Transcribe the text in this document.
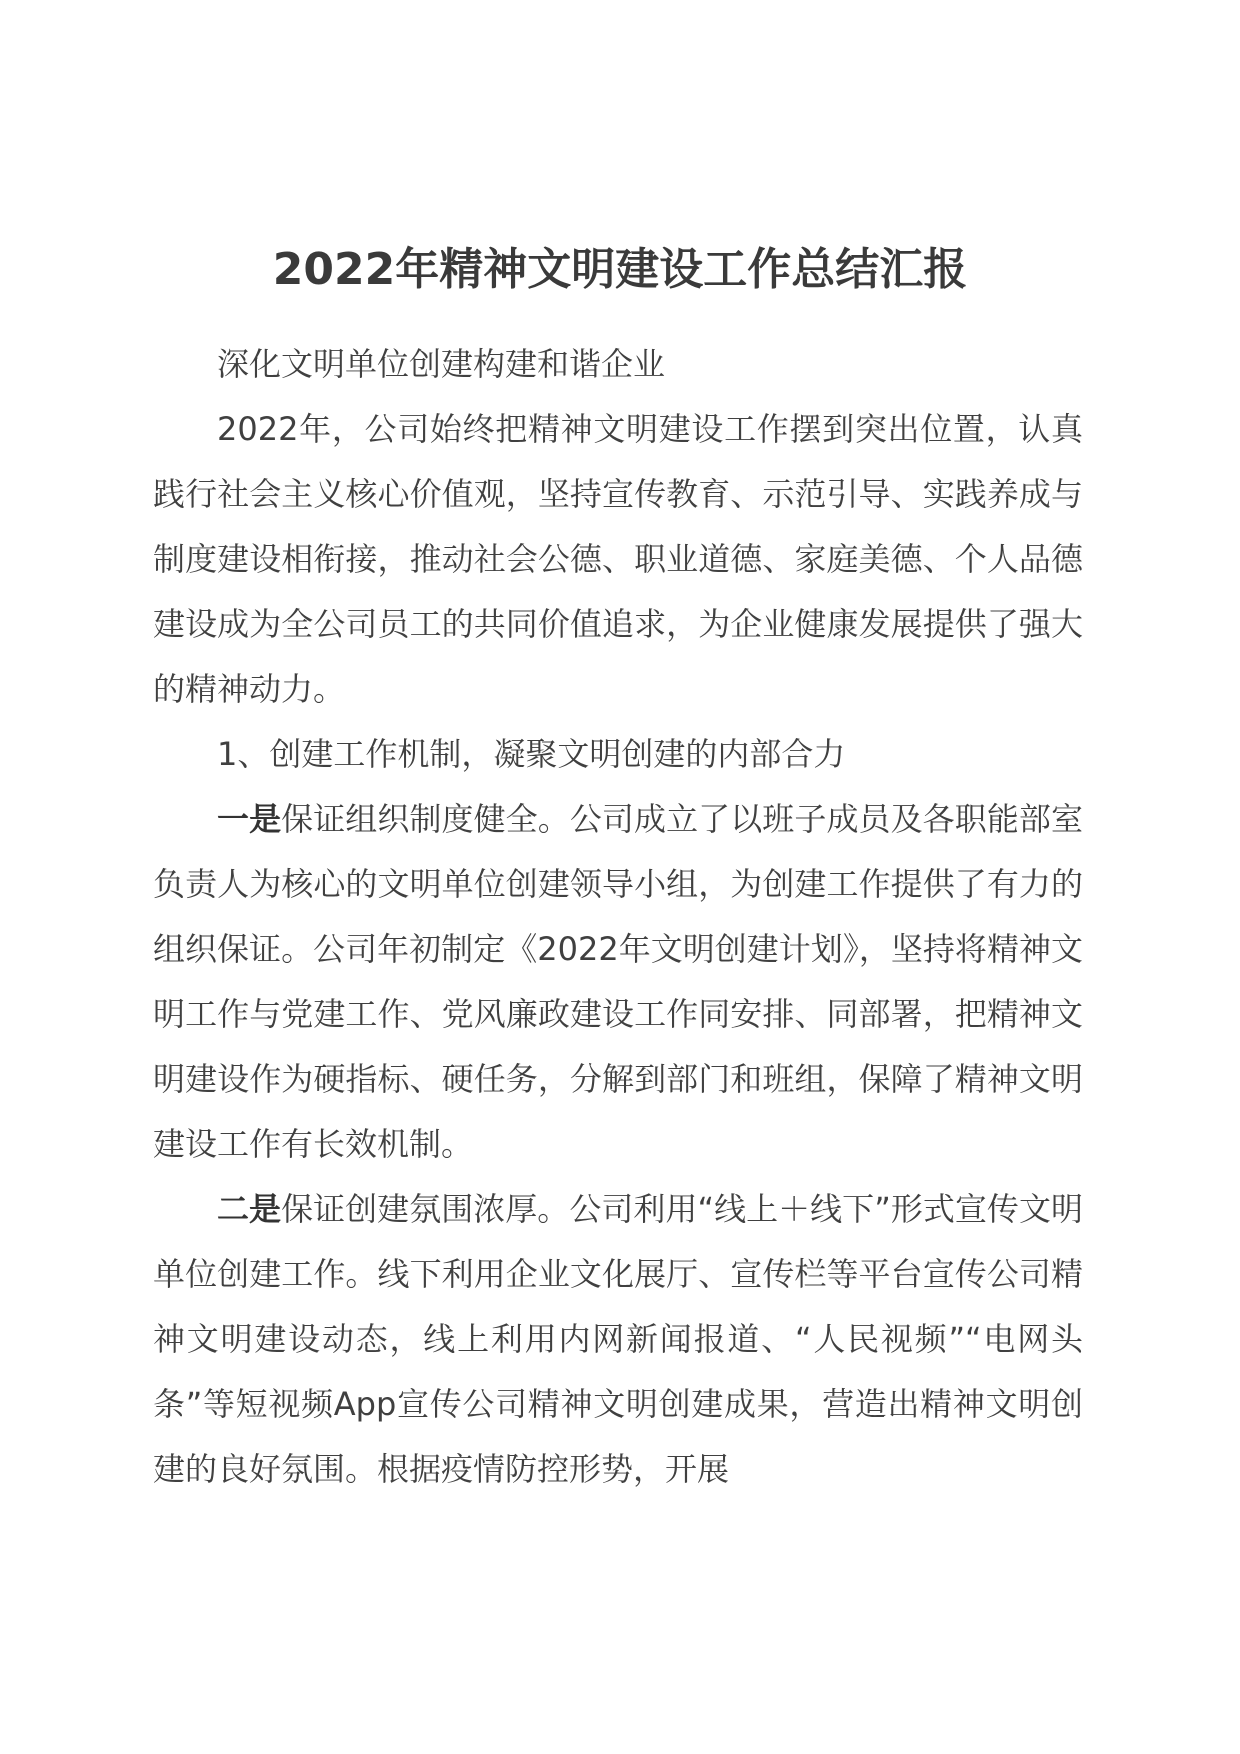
2022年精神文明建设工作总结汇报

深化文明单位创建构建和谐企业

2022年，公司始终把精神文明建设工作摆到突出位置，认真践行社会主义核心价值观，坚持宣传教育、示范引导、实践养成与制度建设相衔接，推动社会公德、职业道德、家庭美德、个人品德建设成为全公司员工的共同价值追求，为企业健康发展提供了强大的精神动力。

1、创建工作机制，凝聚文明创建的内部合力

一是保证组织制度健全。公司成立了以班子成员及各职能部室负责人为核心的文明单位创建领导小组，为创建工作提供了有力的组织保证。公司年初制定《2022年文明创建计划》，坚持将精神文明工作与党建工作、党风廉政建设工作同安排、同部署，把精神文明建设作为硬指标、硬任务，分解到部门和班组，保障了精神文明建设工作有长效机制。

二是保证创建氛围浓厚。公司利用“线上＋线下”形式宣传文明单位创建工作。线下利用企业文化展厅、宣传栏等平台宣传公司精神文明建设动态，线上利用内网新闻报道、“人民视频”“电网头条”等短视频App宣传公司精神文明创建成果，营造出精神文明创建的良好氛围。根据疫情防控形势，开展
